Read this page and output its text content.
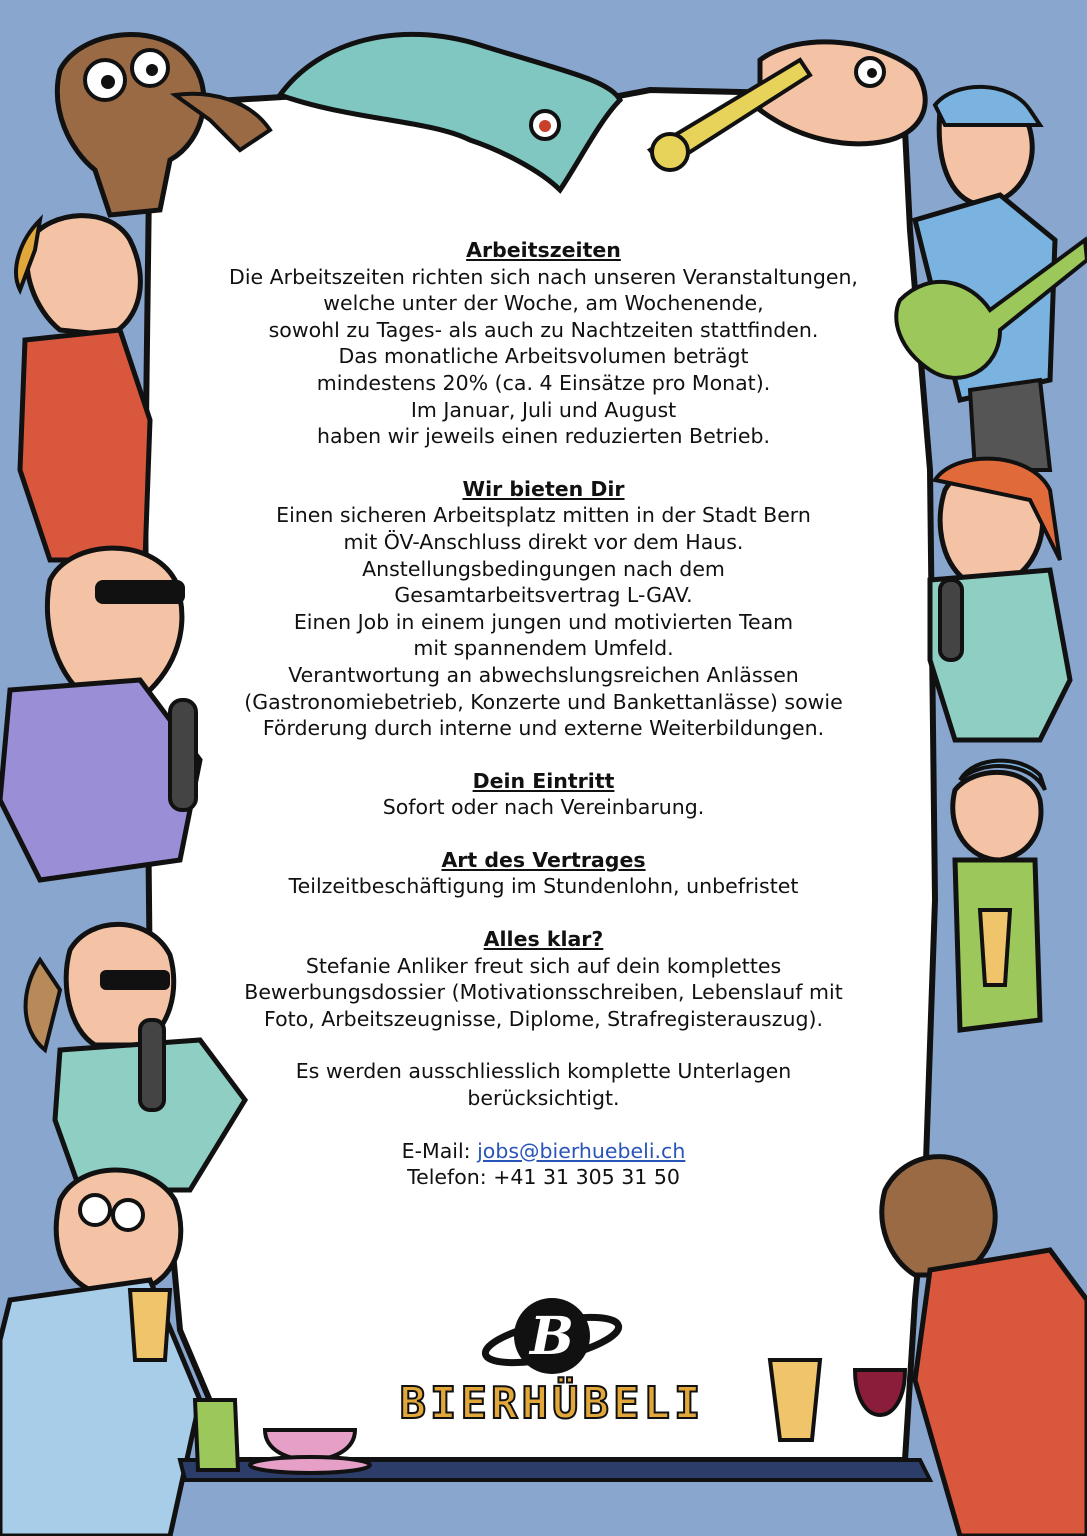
Arbeitszeiten
Die Arbeitszeiten richten sich nach unseren Veranstaltungen,
welche unter der Woche, am Wochenende,
sowohl zu Tages- als auch zu Nachtzeiten stattfinden.
Das monatliche Arbeitsvolumen beträgt
mindestens 20% (ca. 4 Einsätze pro Monat).
Im Januar, Juli und August
haben wir jeweils einen reduzierten Betrieb.
Wir bieten Dir
Einen sicheren Arbeitsplatz mitten in der Stadt Bern
mit ÖV-Anschluss direkt vor dem Haus.
Anstellungsbedingungen nach dem
Gesamtarbeitsvertrag L-GAV.
Einen Job in einem jungen und motivierten Team
mit spannendem Umfeld.
Verantwortung an abwechslungsreichen Anlässen
(Gastronomiebetrieb, Konzerte und Bankettanlässe) sowie
Förderung durch interne und externe Weiterbildungen.
Dein Eintritt
Sofort oder nach Vereinbarung.
Art des Vertrages
Teilzeitbeschäftigung im Stundenlohn, unbefristet
Alles klar?
Stefanie Anliker freut sich auf dein komplettes
Bewerbungsdossier (Motivationsschreiben, Lebenslauf mit
Foto, Arbeitszeugnisse, Diplome, Strafregisterauszug).
Es werden ausschliesslich komplette Unterlagen
berücksichtigt.
E-Mail: jobs@bierhuebeli.ch
Telefon: +41 31 305 31 50
B
BIERHÜBELI
